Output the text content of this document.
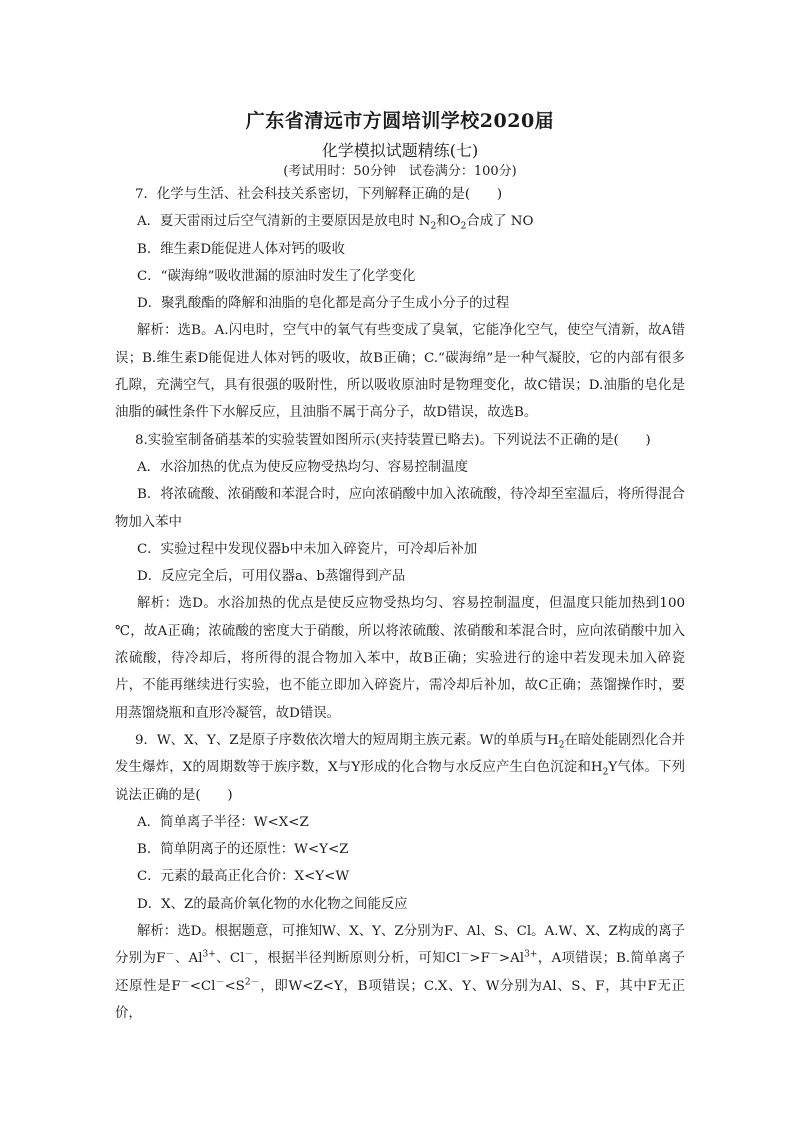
广东省清远市方圆培训学校2020届
化学模拟试题精练(七)
(考试用时：50分钟　试卷满分：100分)

7．化学与生活、社会科技关系密切，下列解释正确的是(　　)

A．夏天雷雨过后空气清新的主要原因是放电时 $N_2$和$O_2$合成了 NO

B．维生素D能促进人体对钙的吸收

C．“碳海绵”吸收泄漏的原油时发生了化学变化

D．聚乳酸酯的降解和油脂的皂化都是高分子生成小分子的过程

解析：选B。A.闪电时，空气中的氧气有些变成了臭氧，它能净化空气，使空气清新，故A错误；B.维生素D能促进人体对钙的吸收，故B正确；C.“碳海绵”是一种气凝胶，它的内部有很多孔隙，充满空气，具有很强的吸附性，所以吸收原油时是物理变化，故C错误；D.油脂的皂化是油脂的碱性条件下水解反应，且油脂不属于高分子，故D错误，故选B。

8.实验室制备硝基苯的实验装置如图所示(夹持装置已略去)。下列说法不正确的是(　　)

A．水浴加热的优点为使反应物受热均匀、容易控制温度

B．将浓硫酸、浓硝酸和苯混合时，应向浓硝酸中加入浓硫酸，待冷却至室温后，将所得混合物加入苯中

C．实验过程中发现仪器b中未加入碎瓷片，可冷却后补加

D．反应完全后，可用仪器a、b蒸馏得到产品

解析：选D。水浴加热的优点是使反应物受热均匀、容易控制温度，但温度只能加热到100 ℃，故A正确；浓硫酸的密度大于硝酸，所以将浓硫酸、浓硝酸和苯混合时，应向浓硝酸中加入浓硫酸，待冷却后，将所得的混合物加入苯中，故B正确；实验进行的途中若发现未加入碎瓷片，不能再继续进行实验，也不能立即加入碎瓷片，需冷却后补加，故C正确；蒸馏操作时，要用蒸馏烧瓶和直形冷凝管，故D错误。

9．W、X、Y、Z是原子序数依次增大的短周期主族元素。W的单质与$H_2$在暗处能剧烈化合并发生爆炸，X的周期数等于族序数，X与Y形成的化合物与水反应产生白色沉淀和$H_2Y$气体。下列说法正确的是(　　)

A．简单离子半径：W<X<Z

B．简单阴离子的还原性：W<Y<Z

C．元素的最高正化合价：X<Y<W

D．X、Z的最高价氧化物的水化物之间能反应

解析：选D。根据题意，可推知W、X、Y、Z分别为F、Al、S、Cl。A.W、X、Z构成的离子分别为F－、$Al^{3+}$、Cl－，根据半径判断原则分析，可知$Cl^->F^->Al^{3+}$，A项错误；B.简单离子还原性是$F^-<Cl^-<S^{2-}$，即W<Z<Y，B项错误；C.X、Y、W分别为Al、S、F，其中F无正价，
